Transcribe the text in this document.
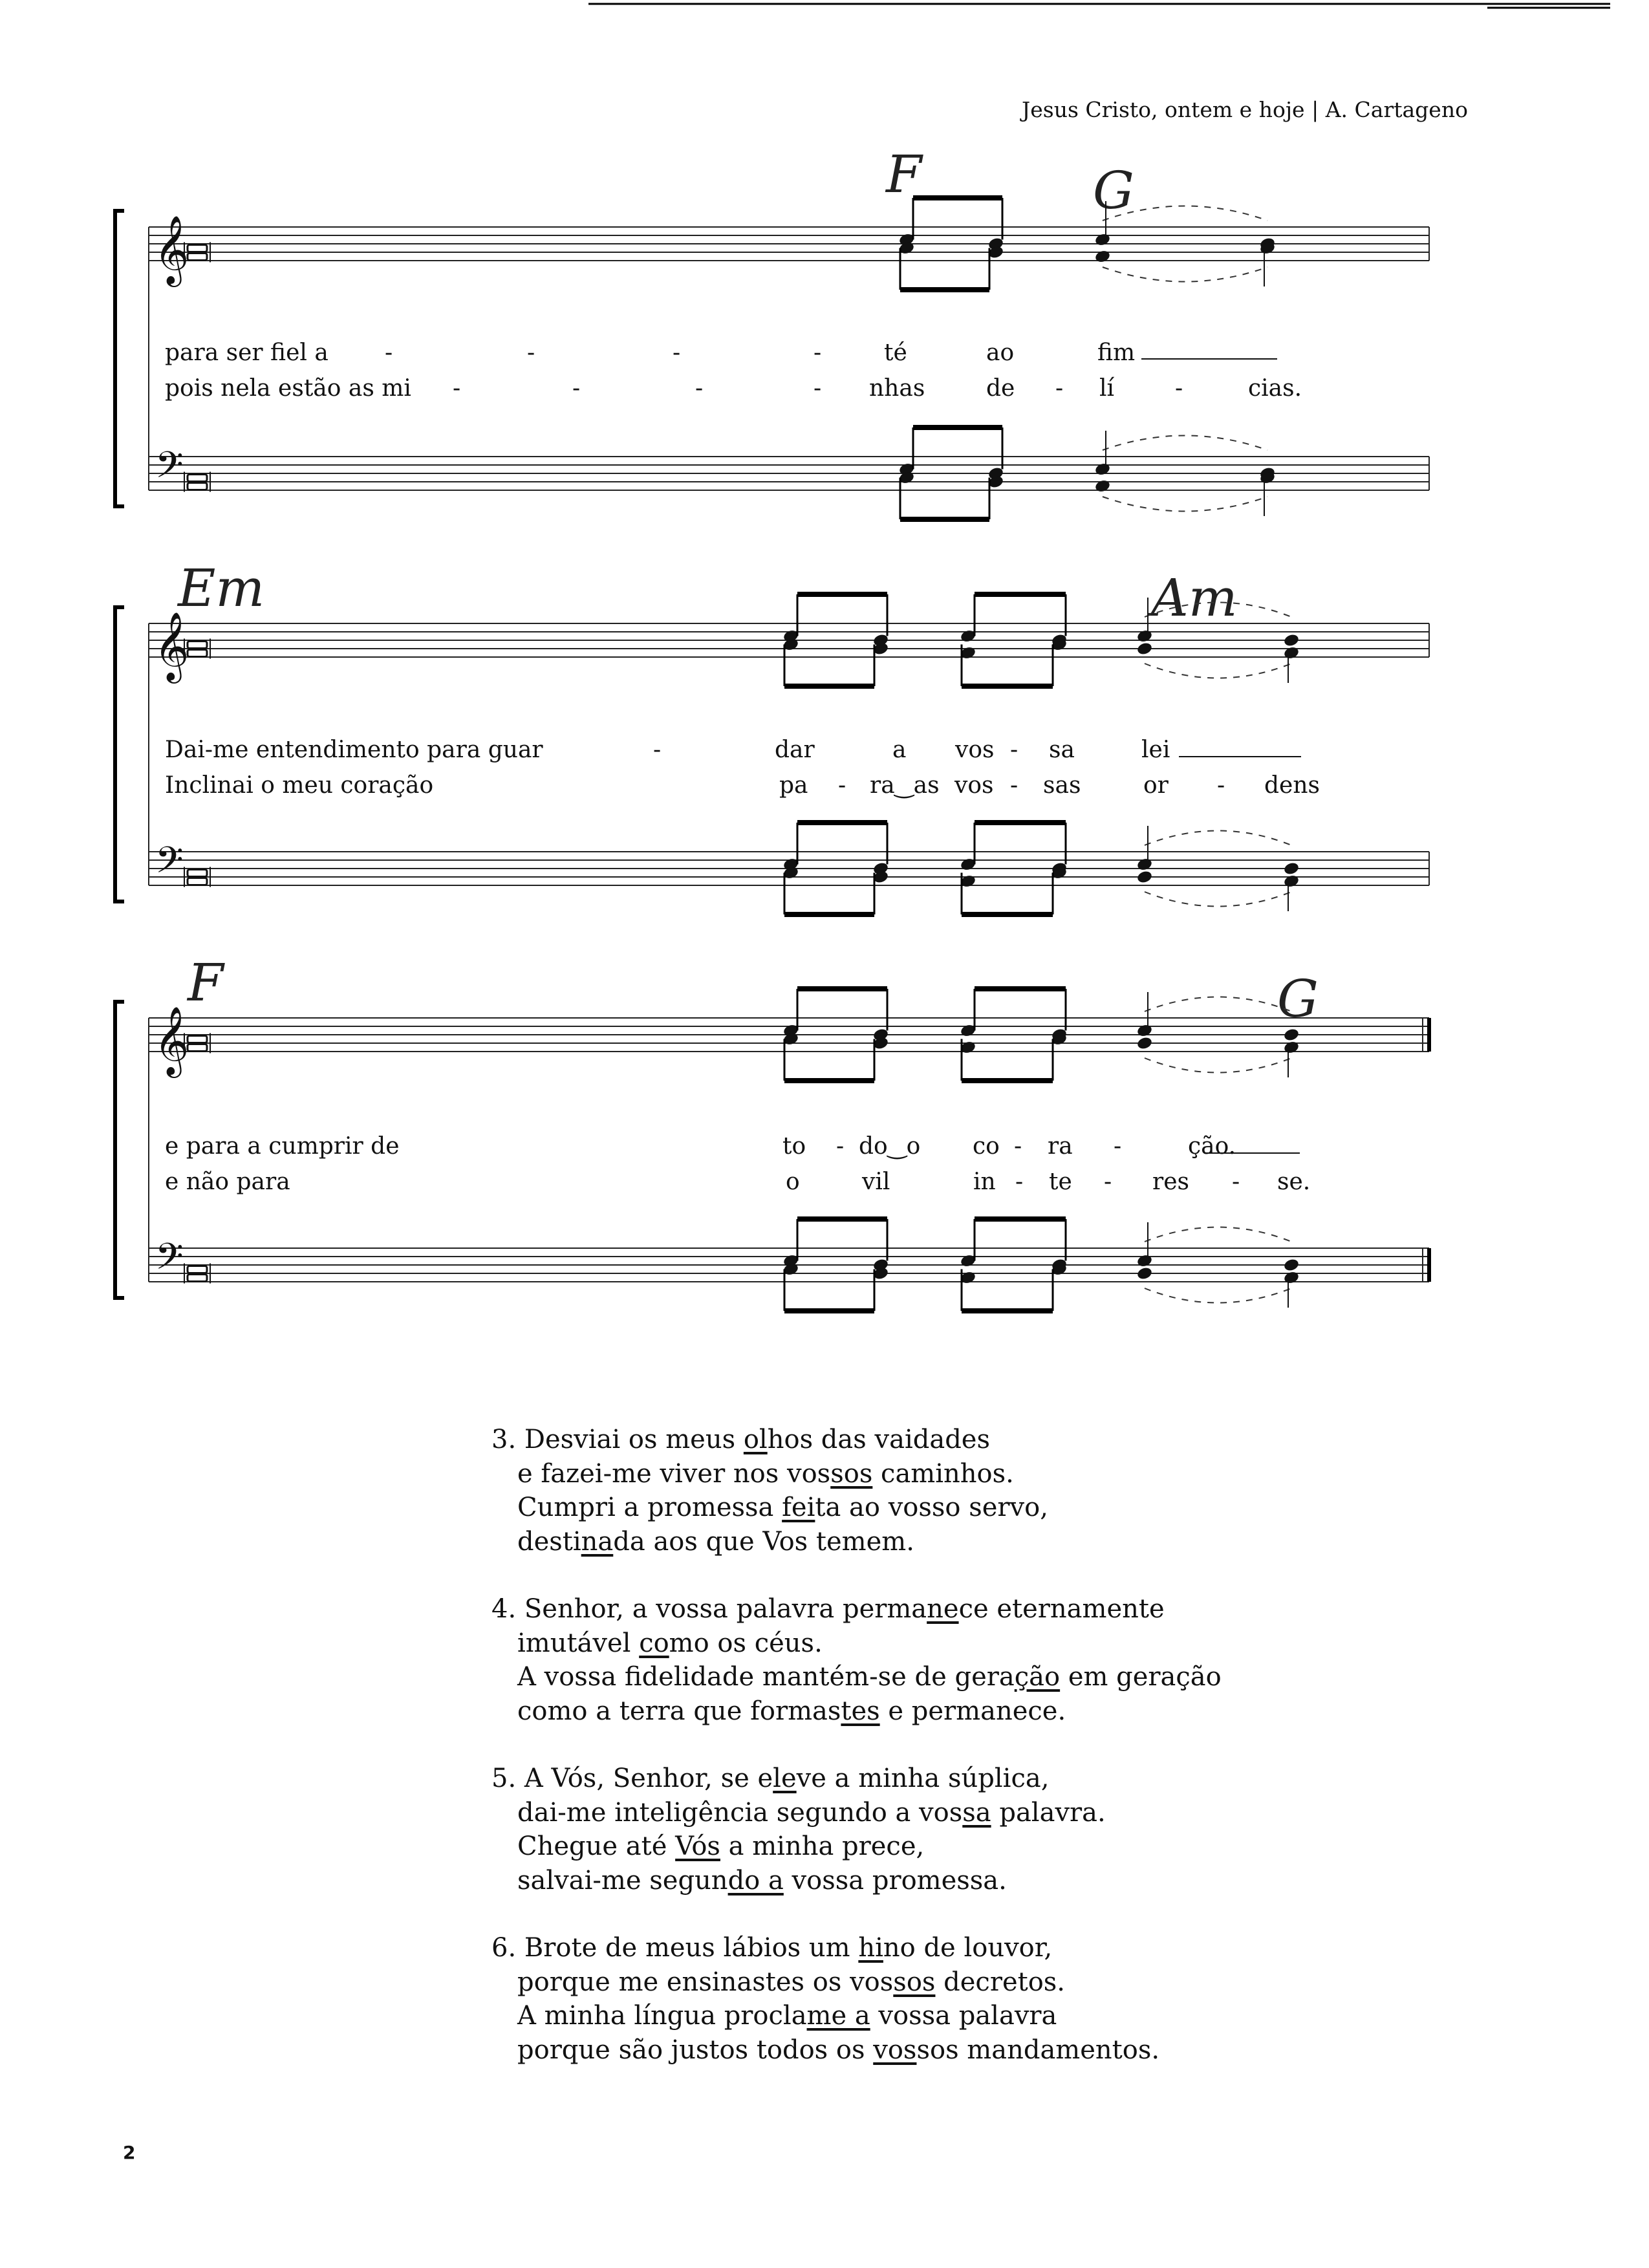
Jesus Cristo, ontem e hoje | A. Cartageno
F	G
Em	Am
F	G
𝄞
𝄢
𝄞
𝄢
𝄞
𝄢
para ser fiel a -	-	-	-	té	ao	fim
pois nela estão as mi -	-	-	- nhas	de - lí	-	cias.
Dai-me entendimento para guar	-	dar	a vos - sa	lei
Inclinai o meu coração	pa - ra‿as vos - sas	or - dens
e para a cumprir de	to - do‿o co - ra -	ção.
e não para	o	vil	in - te - res - se.
3. Desviai os meus olhos das vaidades
e fazei-me viver nos vossos caminhos.
Cumpri a promessa feita ao vosso servo,
destinada aos que Vos temem.
4. Senhor, a vossa palavra permanece eternamente
imutável como os céus.
A vossa fidelidade mantém-se de geração em geração
como a terra que formastes e permanece.
5. A Vós, Senhor, se eleve a minha súplica,
dai-me inteligência segundo a vossa palavra.
Chegue até Vós a minha prece,
salvai-me segundo a vossa promessa.
6. Brote de meus lábios um hino de louvor,
porque me ensinastes os vossos decretos.
A minha língua proclame a vossa palavra
porque são justos todos os vossos mandamentos.
2
